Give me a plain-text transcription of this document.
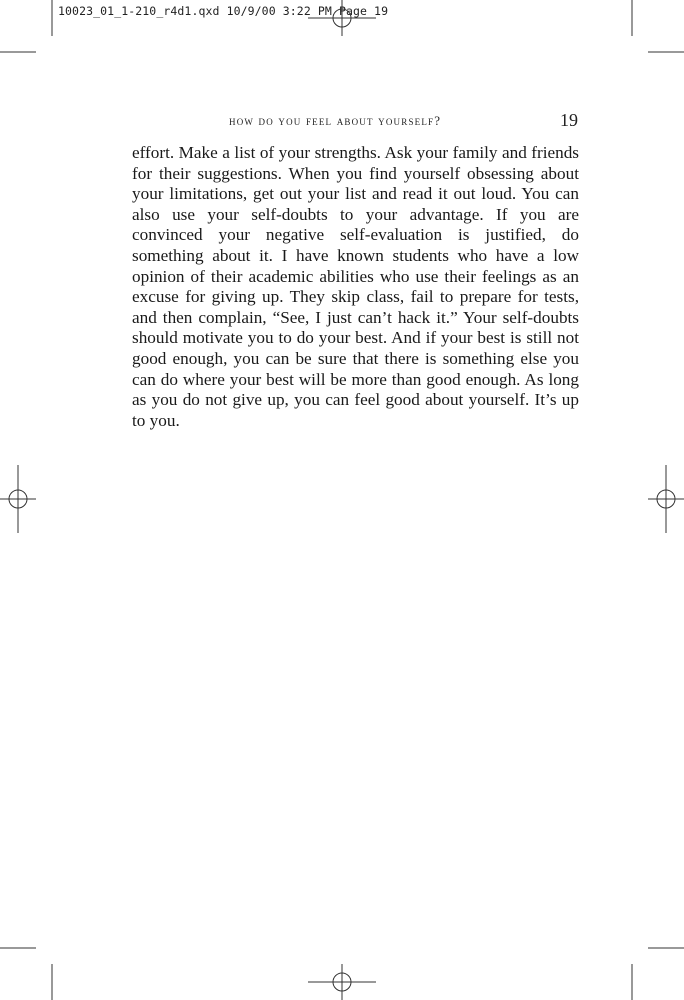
10023_01_1-210_r4d1.qxd 10/9/00 3:22 PM Page 19
how do you feel about yourself?	19

effort. Make a list of your strengths. Ask your family and friends for their suggestions. When you find yourself obsessing about your limitations, get out your list and read it out loud. You can also use your self-doubts to your advantage. If you are convinced your negative self-evaluation is justified, do something about it. I have known students who have a low opinion of their academic abilities who use their feelings as an excuse for giving up. They skip class, fail to prepare for tests, and then complain, “See, I just can’t hack it.” Your self-doubts should motivate you to do your best. And if your best is still not good enough, you can be sure that there is something else you can do where your best will be more than good enough. As long as you do not give up, you can feel good about yourself. It’s up to you.
